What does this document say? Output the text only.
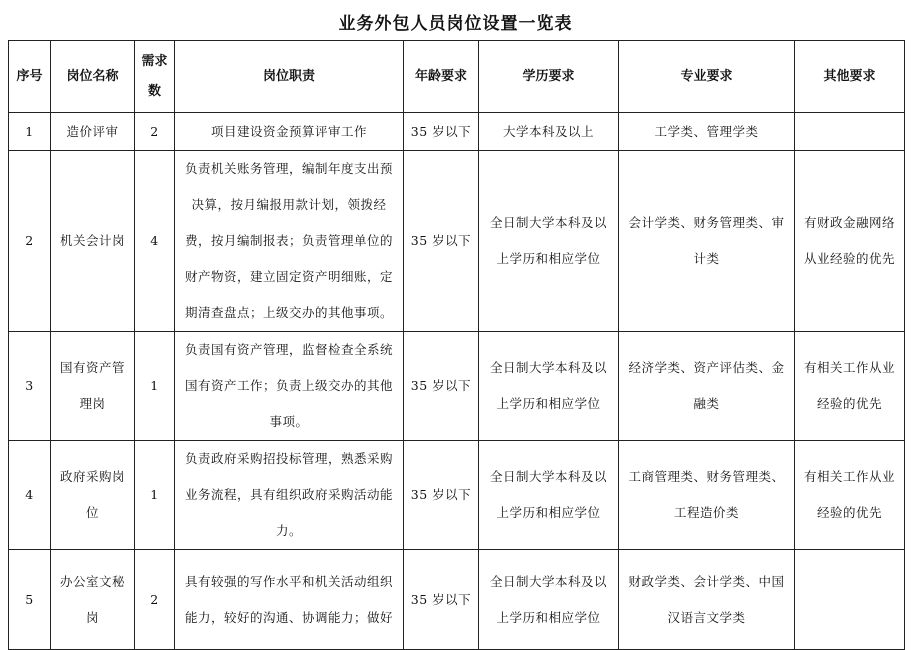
业务外包人员岗位设置一览表
序号	岗位名称	需求数	岗位职责	年龄要求	学历要求	专业要求	其他要求
1	造价评审	2	项目建设资金预算评审工作	35 岁以下	大学本科及以上	工学类、管理学类	
2	机关会计岗	4	负责机关账务管理，编制年度支出预决算，按月编报用款计划，领拨经费，按月编制报表；负责管理单位的财产物资，建立固定资产明细账，定期清查盘点；上级交办的其他事项。	35 岁以下	全日制大学本科及以上学历和相应学位	会计学类、财务管理类、审计类	有财政金融网络从业经验的优先
3	国有资产管理岗	1	负责国有资产管理，监督检查全系统国有资产工作；负责上级交办的其他事项。	35 岁以下	全日制大学本科及以上学历和相应学位	经济学类、资产评估类、金融类	有相关工作从业经验的优先
4	政府采购岗位	1	负责政府采购招投标管理，熟悉采购业务流程，具有组织政府采购活动能力。	35 岁以下	全日制大学本科及以上学历和相应学位	工商管理类、财务管理类、工程造价类	有相关工作从业经验的优先
5	办公室文秘岗	2	具有较强的写作水平和机关活动组织能力，较好的沟通、协调能力；做好	35 岁以下	全日制大学本科及以上学历和相应学位	财政学类、会计学类、中国汉语言文学类	
